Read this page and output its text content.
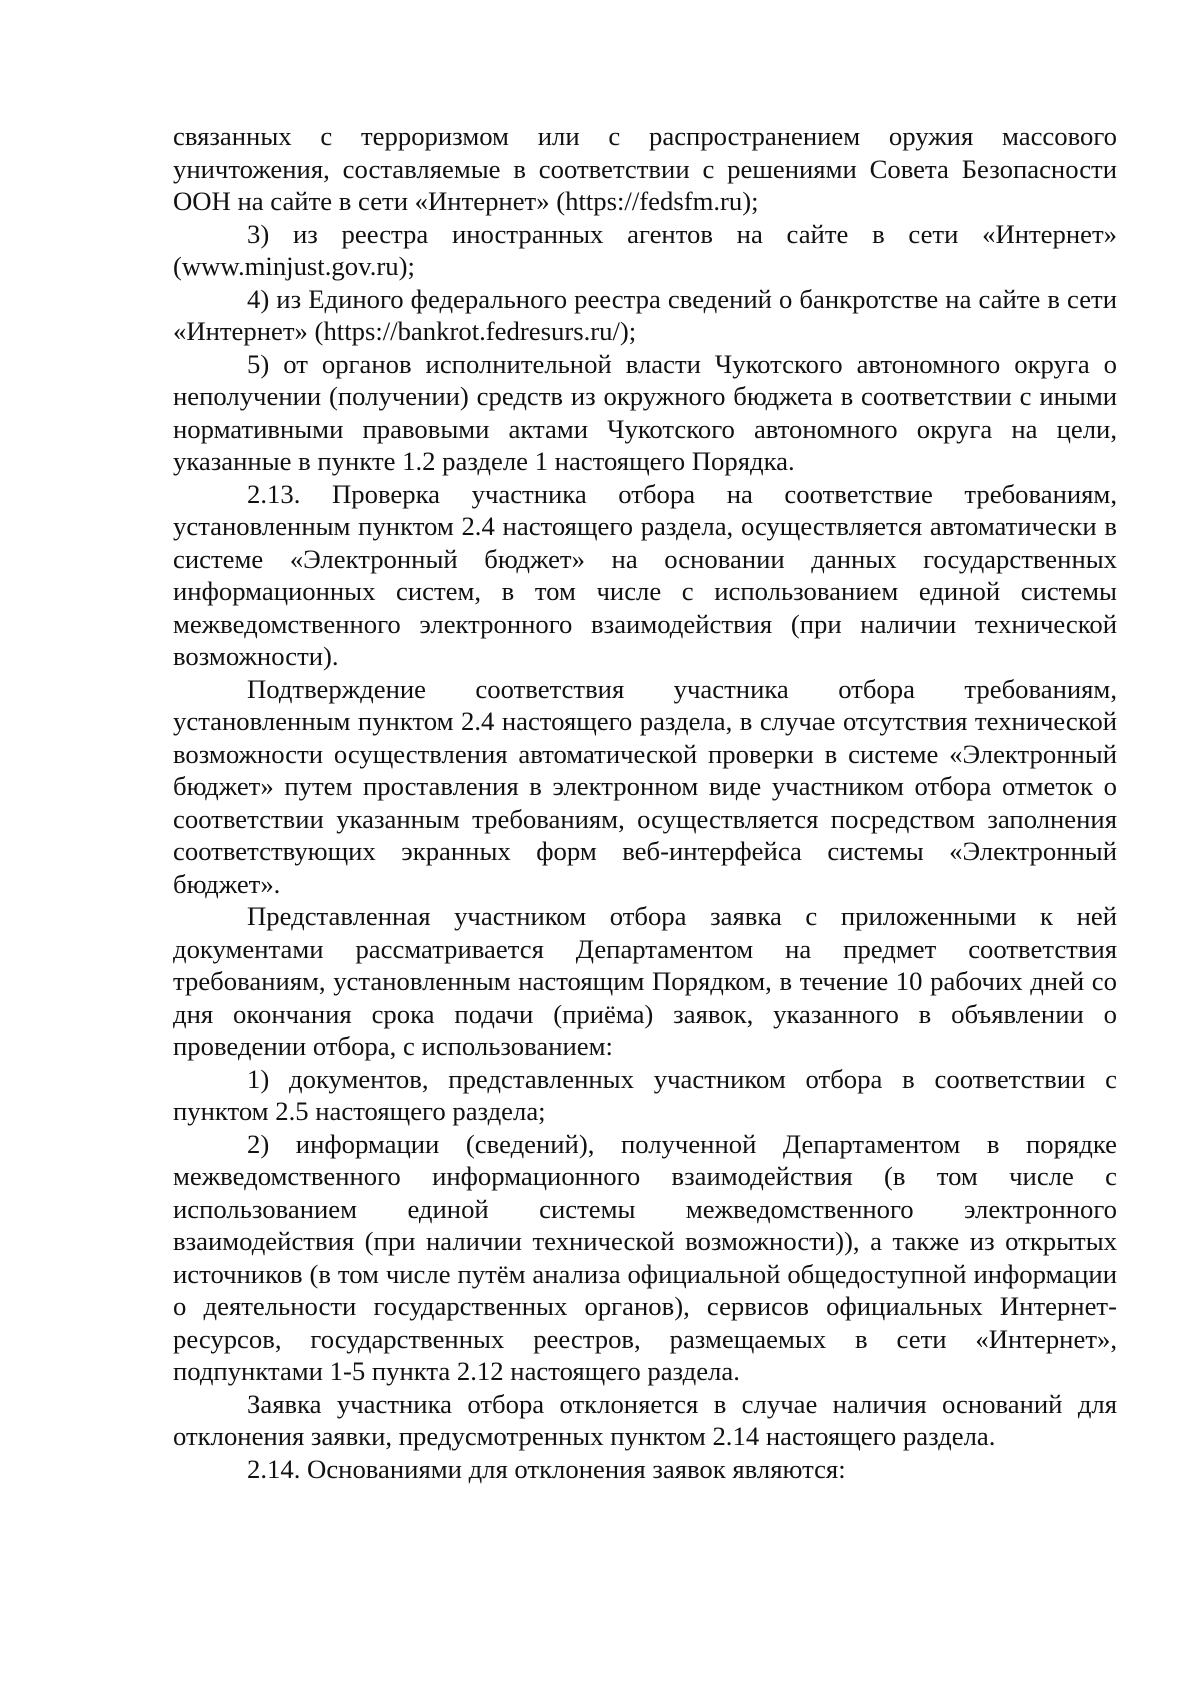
связанных с терроризмом или с распространением оружия массового уничтожения, составляемые в соответствии с решениями Совета Безопасности ООН на сайте в сети «Интернет» (https://fedsfm.ru);

3) из реестра иностранных агентов на сайте в сети «Интернет» (www.minjust.gov.ru);

4) из Единого федерального реестра сведений о банкротстве на сайте в сети «Интернет» (https://bankrot.fedresurs.ru/);

5) от органов исполнительной власти Чукотского автономного округа о неполучении (получении) средств из окружного бюджета в соответствии с иными нормативными правовыми актами Чукотского автономного округа на цели, указанные в пункте 1.2 разделе 1 настоящего Порядка.

2.13. Проверка участника отбора на соответствие требованиям, установленным пунктом 2.4 настоящего раздела, осуществляется автоматически в системе «Электронный бюджет» на основании данных государственных информационных систем, в том числе с использованием единой системы межведомственного электронного взаимодействия (при наличии технической возможности).

Подтверждение соответствия участника отбора требованиям, установленным пунктом 2.4 настоящего раздела, в случае отсутствия технической возможности осуществления автоматической проверки в системе «Электронный бюджет» путем проставления в электронном виде участником отбора отметок о соответствии указанным требованиям, осуществляется посредством заполнения соответствующих экранных форм веб-интерфейса системы «Электронный бюджет».

Представленная участником отбора заявка с приложенными к ней документами рассматривается Департаментом на предмет соответствия требованиям, установленным настоящим Порядком, в течение 10 рабочих дней со дня окончания срока подачи (приёма) заявок, указанного в объявлении о проведении отбора, с использованием:

1) документов, представленных участником отбора в соответствии с пунктом 2.5 настоящего раздела;

2) информации (сведений), полученной Департаментом в порядке межведомственного информационного взаимодействия (в том числе с использованием единой системы межведомственного электронного взаимодействия (при наличии технической возможности)), а также из открытых источников (в том числе путём анализа официальной общедоступной информации о деятельности государственных органов), сервисов официальных Интернет-ресурсов, государственных реестров, размещаемых в сети «Интернет», подпунктами 1-5 пункта 2.12 настоящего раздела.

Заявка участника отбора отклоняется в случае наличия оснований для отклонения заявки, предусмотренных пунктом 2.14 настоящего раздела.

2.14. Основаниями для отклонения заявок являются:
